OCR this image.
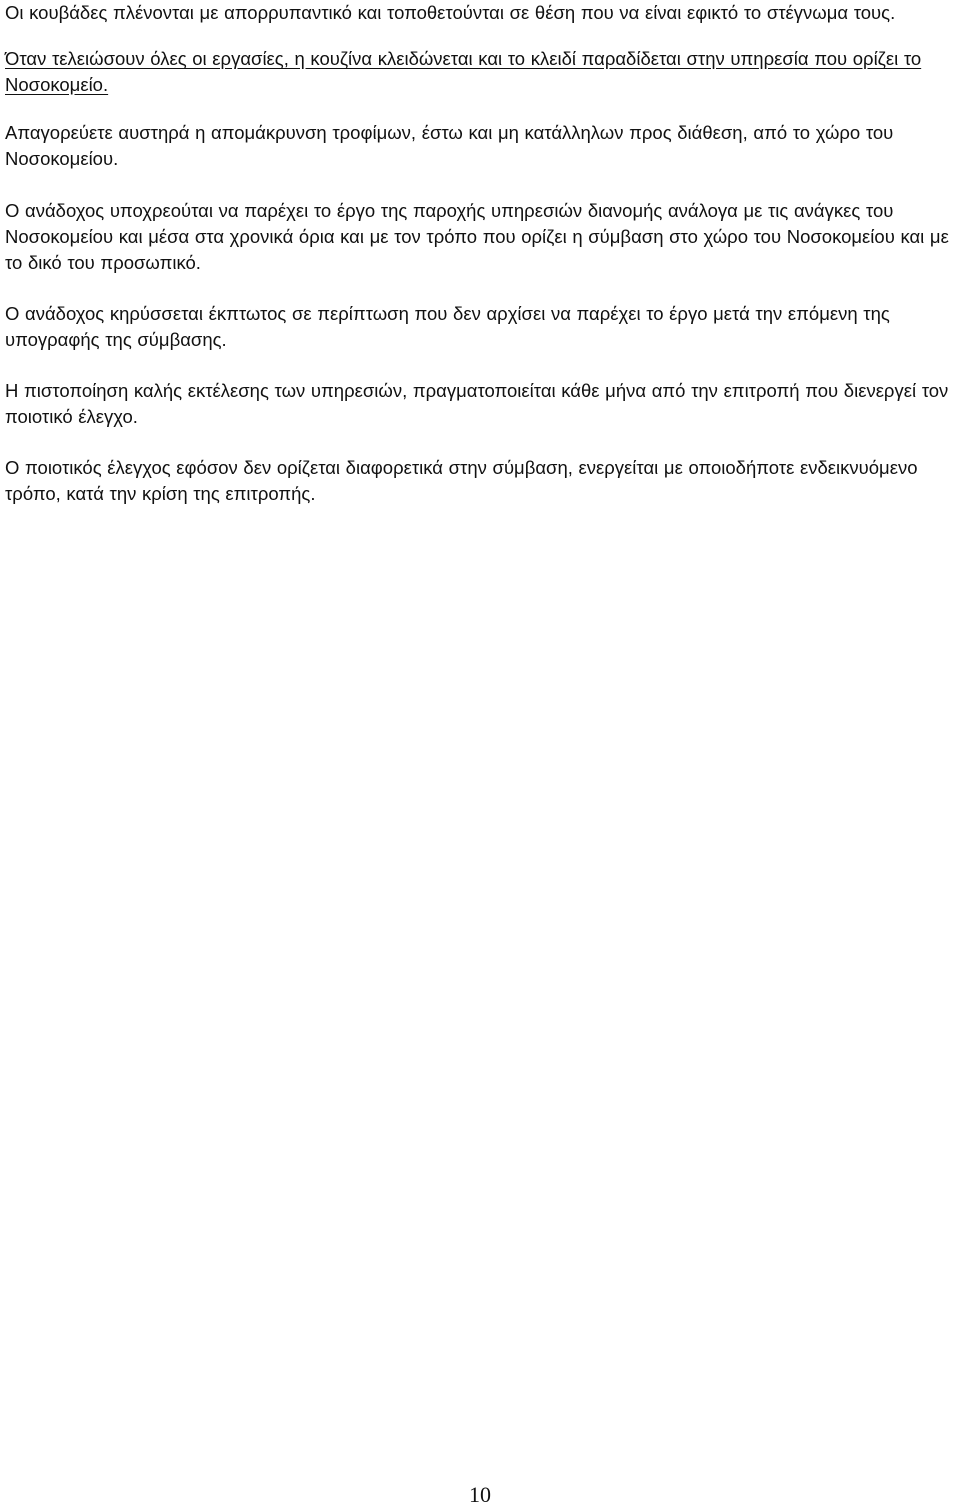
Οι κουβάδες πλένονται με απορρυπαντικό και τοποθετούνται σε θέση που να είναι εφικτό το στέγνωμα τους.

Όταν τελειώσουν όλες οι εργασίες, η κουζίνα κλειδώνεται και το κλειδί παραδίδεται στην υπηρεσία που ορίζει το Νοσοκομείο.

Απαγορεύετε αυστηρά η απομάκρυνση τροφίμων, έστω και μη κατάλληλων προς διάθεση, από το χώρο του Νοσοκομείου.

Ο ανάδοχος υποχρεούται να παρέχει το έργο της παροχής υπηρεσιών διανομής ανάλογα με τις ανάγκες του Νοσοκομείου και μέσα στα χρονικά όρια και με τον τρόπο που ορίζει η σύμβαση στο χώρο του Νοσοκομείου και με το δικό του προσωπικό.

Ο ανάδοχος κηρύσσεται έκπτωτος σε περίπτωση που δεν αρχίσει να παρέχει το έργο μετά την επόμενη της υπογραφής της σύμβασης.

Η πιστοποίηση καλής εκτέλεσης των υπηρεσιών, πραγματοποιείται κάθε μήνα από την επιτροπή που διενεργεί τον ποιοτικό έλεγχο.

Ο ποιοτικός έλεγχος εφόσον δεν ορίζεται διαφορετικά στην σύμβαση, ενεργείται με οποιοδήποτε ενδεικνυόμενο τρόπο, κατά την κρίση της επιτροπής.

10
